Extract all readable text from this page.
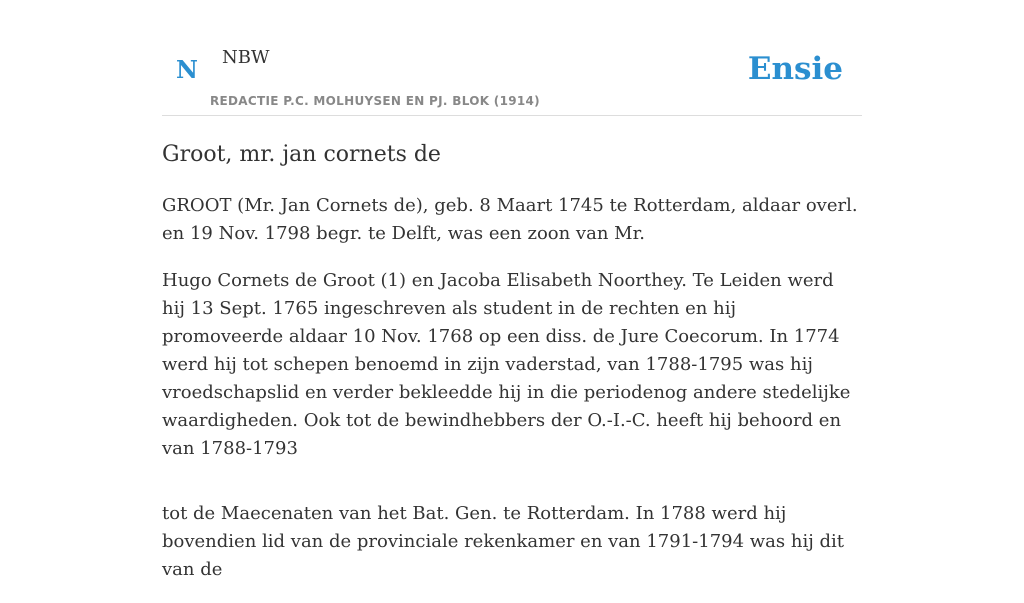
N NBW
REDACTIE P.C. MOLHUYSEN EN PJ. BLOK (1914)
Ensie
Groot, mr. jan cornets de

GROOT (Mr. Jan Cornets de), geb. 8 Maart 1745 te Rotterdam, aldaar overl. en 19 Nov. 1798 begr. te Delft, was een zoon van Mr.

Hugo Cornets de Groot (1) en Jacoba Elisabeth Noorthey. Te Leiden werd hij 13 Sept. 1765 ingeschreven als student in de rechten en hij promoveerde aldaar 10 Nov. 1768 op een diss. de Jure Coecorum. In 1774 werd hij tot schepen benoemd in zijn vaderstad, van 1788-1795 was hij vroedschapslid en verder bekleedde hij in die periodenog andere stedelijke waardigheden. Ook tot de bewindhebbers der O.-I.-C. heeft hij behoord en van 1788-1793

tot de Maecenaten van het Bat. Gen. te Rotterdam. In 1788 werd hij bovendien lid van de provinciale rekenkamer en van 1791-1794 was hij dit van de
